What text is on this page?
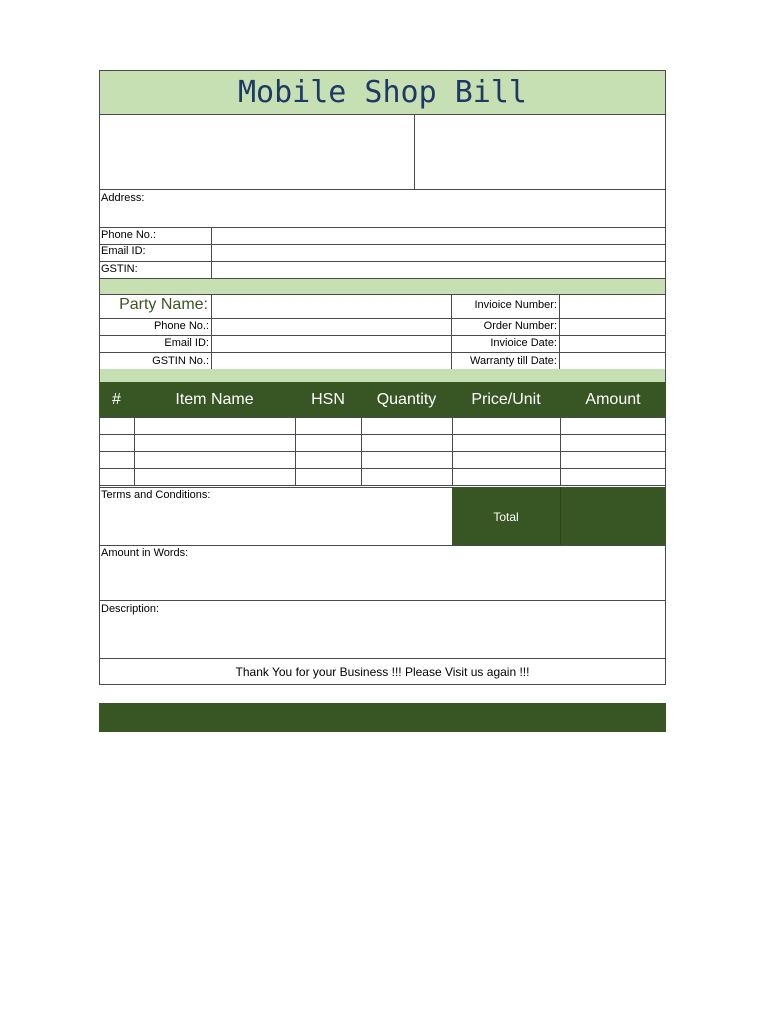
Mobile Shop Bill
Address:
Phone No.:
Email ID:
GSTIN:
Party Name:	Invioice Number:
Phone No.:	Order Number:
Email ID:	Invioice Date:
GSTIN No.:	Warranty till Date:
#	Item Name	HSN	Quantity	Price/Unit	Amount
Terms and Conditions:
Total
Amount in Words:
Description:
Thank You for your Business !!! Please Visit us again !!!
